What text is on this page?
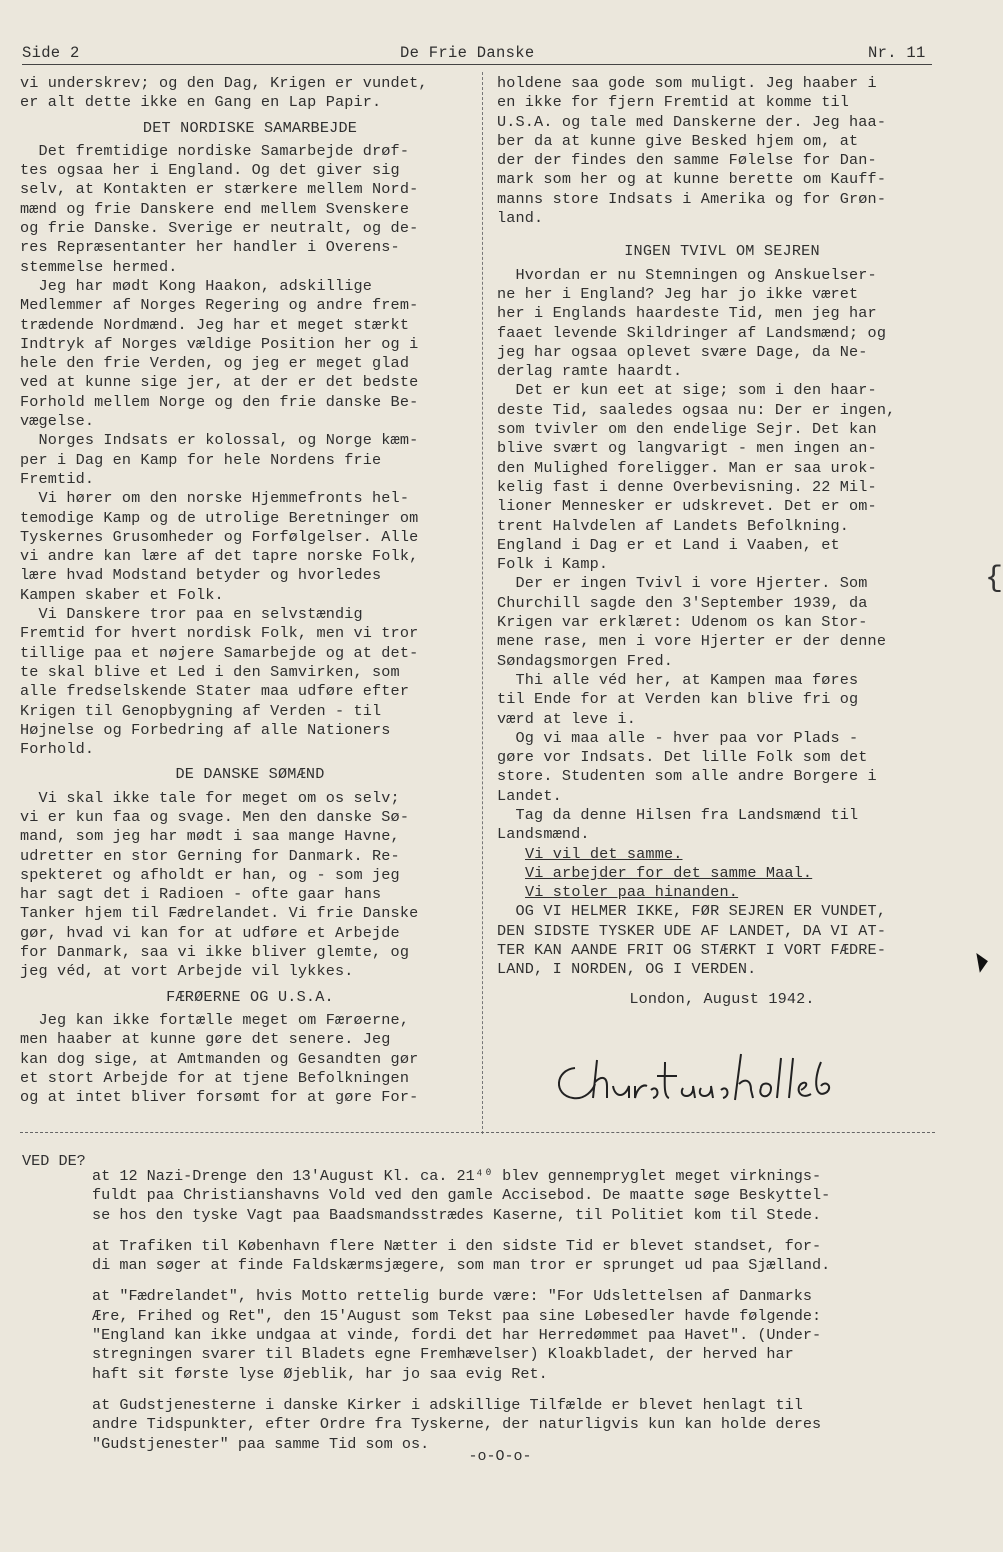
Side 2	De Frie Danske	Nr. 11
vi underskrev; og den Dag, Krigen er vundet,
er alt dette ikke en Gang en Lap Papir.
DET NORDISKE SAMARBEJDE
Det fremtidige nordiske Samarbejde drøf-
tes ogsaa her i England. Og det giver sig
selv, at Kontakten er stærkere mellem Nord-
mænd og frie Danskere end mellem Svenskere
og frie Danske. Sverige er neutralt, og de-
res Repræsentanter her handler i Overens-
stemmelse hermed.
Jeg har mødt Kong Haakon, adskillige
Medlemmer af Norges Regering og andre frem-
trædende Nordmænd. Jeg har et meget stærkt
Indtryk af Norges vældige Position her og i
hele den frie Verden, og jeg er meget glad
ved at kunne sige jer, at der er det bedste
Forhold mellem Norge og den frie danske Be-
vægelse.
Norges Indsats er kolossal, og Norge kæm-
per i Dag en Kamp for hele Nordens frie
Fremtid.
Vi hører om den norske Hjemmefronts hel-
temodige Kamp og de utrolige Beretninger om
Tyskernes Grusomheder og Forfølgelser. Alle
vi andre kan lære af det tapre norske Folk,
lære hvad Modstand betyder og hvorledes
Kampen skaber et Folk.
Vi Danskere tror paa en selvstændig
Fremtid for hvert nordisk Folk, men vi tror
tillige paa et nøjere Samarbejde og at det-
te skal blive et Led i den Samvirken, som
alle fredselskende Stater maa udføre efter
Krigen til Genopbygning af Verden - til
Højnelse og Forbedring af alle Nationers
Forhold.
DE DANSKE SØMÆND
Vi skal ikke tale for meget om os selv;
vi er kun faa og svage. Men den danske Sø-
mand, som jeg har mødt i saa mange Havne,
udretter en stor Gerning for Danmark. Re-
spekteret og afholdt er han, og - som jeg
har sagt det i Radioen - ofte gaar hans
Tanker hjem til Fædrelandet. Vi frie Danske
gør, hvad vi kan for at udføre et Arbejde
for Danmark, saa vi ikke bliver glemte, og
jeg véd, at vort Arbejde vil lykkes.
FÆRØERNE OG U.S.A.
Jeg kan ikke fortælle meget om Færøerne,
men haaber at kunne gøre det senere. Jeg
kan dog sige, at Amtmanden og Gesandten gør
et stort Arbejde for at tjene Befolkningen
og at intet bliver forsømt for at gøre For-
holdene saa gode som muligt. Jeg haaber i
en ikke for fjern Fremtid at komme til
U.S.A. og tale med Danskerne der. Jeg haa-
ber da at kunne give Besked hjem om, at
der der findes den samme Følelse for Dan-
mark som her og at kunne berette om Kauff-
manns store Indsats i Amerika og for Grøn-
land.
INGEN TVIVL OM SEJREN
Hvordan er nu Stemningen og Anskuelser-
ne her i England? Jeg har jo ikke været
her i Englands haardeste Tid, men jeg har
faaet levende Skildringer af Landsmænd; og
jeg har ogsaa oplevet svære Dage, da Ne-
derlag ramte haardt.
Det er kun eet at sige; som i den haar-
deste Tid, saaledes ogsaa nu: Der er ingen,
som tvivler om den endelige Sejr. Det kan
blive svært og langvarigt - men ingen an-
den Mulighed foreligger. Man er saa urok-
kelig fast i denne Overbevisning. 22 Mil-
lioner Mennesker er udskrevet. Det er om-
trent Halvdelen af Landets Befolkning.
England i Dag er et Land i Vaaben, et
Folk i Kamp.
Der er ingen Tvivl i vore Hjerter. Som
Churchill sagde den 3'September 1939, da
Krigen var erklæret: Udenom os kan Stor-
mene rase, men i vore Hjerter er der denne
Søndagsmorgen Fred.
Thi alle véd her, at Kampen maa føres
til Ende for at Verden kan blive fri og
værd at leve i.
Og vi maa alle - hver paa vor Plads -
gøre vor Indsats. Det lille Folk som det
store. Studenten som alle andre Borgere i
Landet.
Tag da denne Hilsen fra Landsmænd til
Landsmænd.
Vi vil det samme.
Vi arbejder for det samme Maal.
Vi stoler paa hinanden.
OG VI HELMER IKKE, FØR SEJREN ER VUNDET,
DEN SIDSTE TYSKER UDE AF LANDET, DA VI AT-
TER KAN AANDE FRIT OG STÆRKT I VORT FÆDRE-
LAND, I NORDEN, OG I VERDEN.
London, August 1942.
VED DE?
at 12 Nazi-Drenge den 13'August Kl. ca. 21⁴⁰ blev gennempryglet meget virknings-
fuldt paa Christianshavns Vold ved den gamle Accisebod. De maatte søge Beskyttel-
se hos den tyske Vagt paa Baadsmandsstrædes Kaserne, til Politiet kom til Stede.
at Trafiken til København flere Nætter i den sidste Tid er blevet standset, for-
di man søger at finde Faldskærmsjægere, som man tror er sprunget ud paa Sjælland.
at "Fædrelandet", hvis Motto rettelig burde være: "For Udslettelsen af Danmarks
Ære, Frihed og Ret", den 15'August som Tekst paa sine Løbesedler havde følgende:
"England kan ikke undgaa at vinde, fordi det har Herredømmet paa Havet". (Under-
stregningen svarer til Bladets egne Fremhævelser) Kloakbladet, der herved har
haft sit første lyse Øjeblik, har jo saa evig Ret.
at Gudstjenesterne i danske Kirker i adskillige Tilfælde er blevet henlagt til
andre Tidspunkter, efter Ordre fra Tyskerne, der naturligvis kun kan holde deres
"Gudstjenester" paa samme Tid som os.
-o-O-o-
{
